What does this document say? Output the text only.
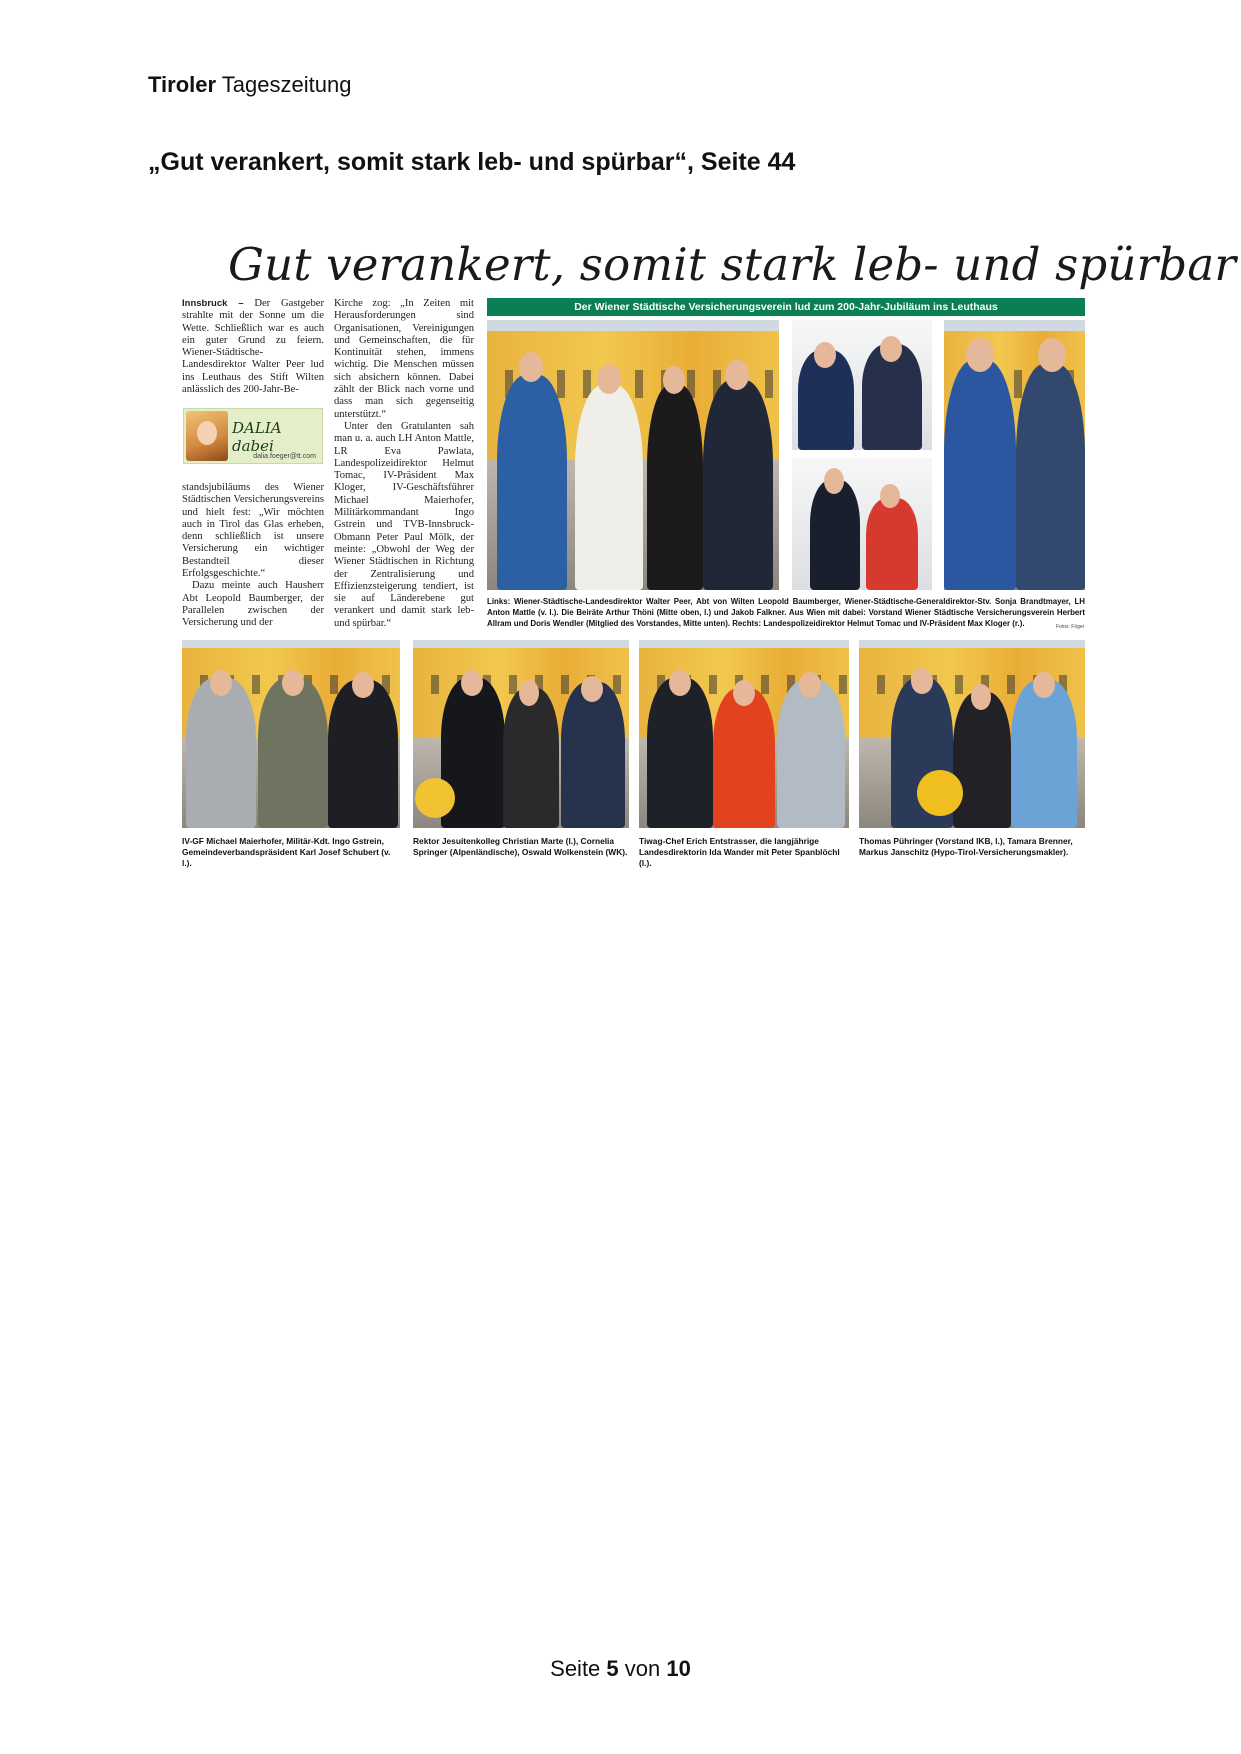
Tiroler Tageszeitung
„Gut verankert, somit stark leb- und spürbar“, Seite 44
Gut verankert, somit stark leb- und spürbar

Innsbruck – Der Gastgeber strahlte mit der Sonne um die Wette. Schließlich war es auch ein guter Grund zu feiern. Wiener-Städtische-Landesdirektor Walter Peer lud ins Leuthaus des Stift Wilten anlässlich des 200-Jahr-Be-

DALIA dabei
dalia.foeger@tt.com

standsjubiläums des Wiener Städtischen Versicherungsvereins und hielt fest: „Wir möchten auch in Tirol das Glas erheben, denn schließlich ist unsere Versicherung ein wichtiger Bestandteil dieser Erfolgsgeschichte.“

Dazu meinte auch Hausherr Abt Leopold Baumberger, der Parallelen zwischen der Versicherung und der

Kirche zog: „In Zeiten mit Herausforderungen sind Organisationen, Vereinigungen und Gemeinschaften, die für Kontinuität stehen, immens wichtig. Die Menschen müssen sich absichern können. Dabei zählt der Blick nach vorne und dass man sich gegenseitig unterstützt.“

Unter den Gratulanten sah man u. a. auch LH Anton Mattle, LR Eva Pawlata, Landespolizeidirektor Helmut Tomac, IV-Präsident Max Kloger, IV-Geschäftsführer Michael Maierhofer, Militärkommandant Ingo Gstrein und TVB-Innsbruck-Obmann Peter Paul Mölk, der meinte: „Obwohl der Weg der Wiener Städtischen in Richtung der Zentralisierung und Effizienzsteigerung tendiert, ist sie auf Länderebene gut verankert und damit stark leb- und spürbar.“

Der Wiener Städtische Versicherungsverein lud zum 200-Jahr-Jubiläum ins Leuthaus
Links: Wiener-Städtische-Landesdirektor Walter Peer, Abt von Wilten Leopold Baumberger, Wiener-Städtische-Generaldirektor-Stv. Sonja Brandtmayer, LH Anton Mattle (v. l.). Die Beiräte Arthur Thöni (Mitte oben, l.) und Jakob Falkner. Aus Wien mit dabei: Vorstand Wiener Städtische Versicherungsverein Herbert Allram und Doris Wendler (Mitglied des Vorstandes, Mitte unten). Rechts: Landespolizeidirektor Helmut Tomac und IV-Präsident Max Kloger (r.).	Fotos: Föger
IV-GF Michael Maierhofer, Militär-Kdt. Ingo Gstrein, Gemeindeverbandspräsident Karl Josef Schubert (v. l.).
Rektor Jesuitenkolleg Christian Marte (l.), Cornelia Springer (Alpenländische), Oswald Wolkenstein (WK).
Tiwag-Chef Erich Entstrasser, die langjährige Landesdirektorin Ida Wander mit Peter Spanblöchl (l.).
Thomas Pühringer (Vorstand IKB, l.), Tamara Brenner, Markus Janschitz (Hypo-Tirol-Versicherungsmakler).
Seite 5 von 10
